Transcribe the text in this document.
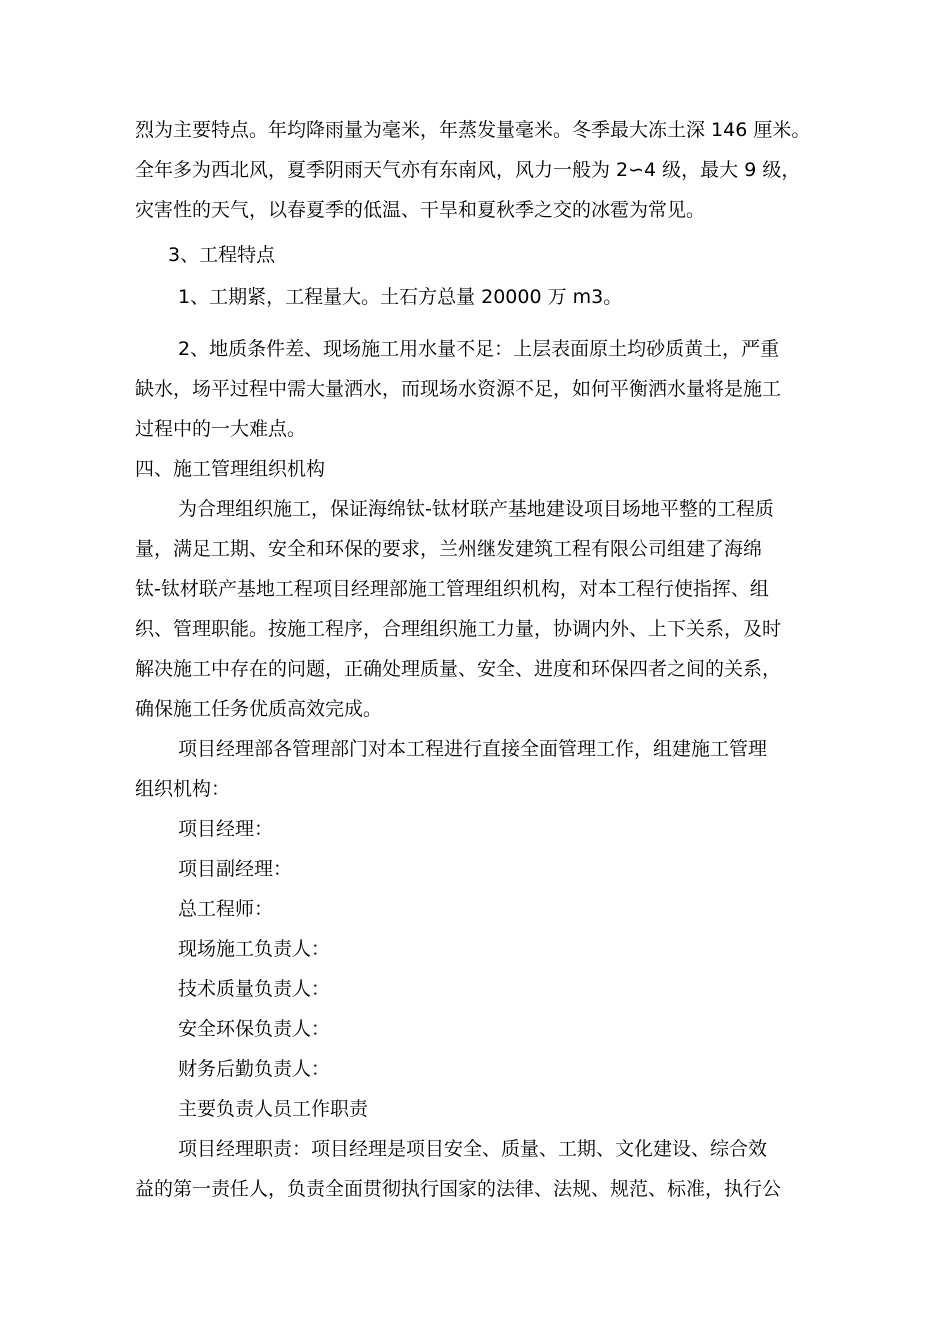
烈为主要特点。年均降雨量为毫米，年蒸发量毫米。冬季最大冻土深 146 厘米。
全年多为西北风，夏季阴雨天气亦有东南风，风力一般为 2∽4 级，最大 9 级，
灾害性的天气，以春夏季的低温、干旱和夏秋季之交的冰雹为常见。
3、工程特点
1、工期紧，工程量大。土石方总量 20000 万 m3。
2、地质条件差、现场施工用水量不足：上层表面原土均砂质黄土，严重
缺水，场平过程中需大量洒水，而现场水资源不足，如何平衡洒水量将是施工
过程中的一大难点。
四、施工管理组织机构
为合理组织施工，保证海绵钛-钛材联产基地建设项目场地平整的工程质
量，满足工期、安全和环保的要求，兰州继发建筑工程有限公司组建了海绵
钛-钛材联产基地工程项目经理部施工管理组织机构，对本工程行使指挥、组
织、管理职能。按施工程序，合理组织施工力量，协调内外、上下关系，及时
解决施工中存在的问题，正确处理质量、安全、进度和环保四者之间的关系，
确保施工任务优质高效完成。
项目经理部各管理部门对本工程进行直接全面管理工作，组建施工管理
组织机构：
项目经理：
项目副经理：
总工程师：
现场施工负责人：
技术质量负责人：
安全环保负责人：
财务后勤负责人：
主要负责人员工作职责
项目经理职责：项目经理是项目安全、质量、工期、文化建设、综合效
益的第一责任人，负责全面贯彻执行国家的法律、法规、规范、标准，执行公
